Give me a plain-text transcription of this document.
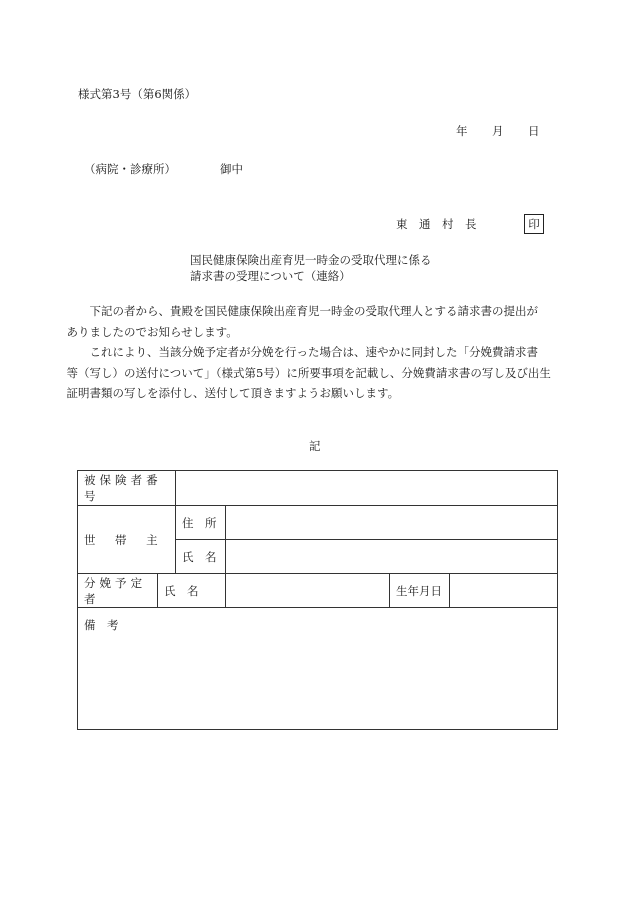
様式第3号（第6関係）
年 月 日
（病院・診療所）	御中
東　通　村　長	印
国民健康保険出産育児一時金の受取代理に係る
請求書の受理について（連絡）

下記の者から、貴殿を国民健康保険出産育児一時金の受取代理人とする請求書の提出が
ありましたのでお知らせします。

これにより、当該分娩予定者が分娩を行った場合は、速やかに同封した「分娩費請求書
等（写し）の送付について」（様式第5号）に所要事項を記載し、分娩費請求書の写し及び出生
証明書類の写しを添付し、送付して頂きますようお願いします。

記
被保険者番号					
世　帯　主		住　所			
		氏　名			
分娩予定者	氏　名			生年月日	
備　考					
